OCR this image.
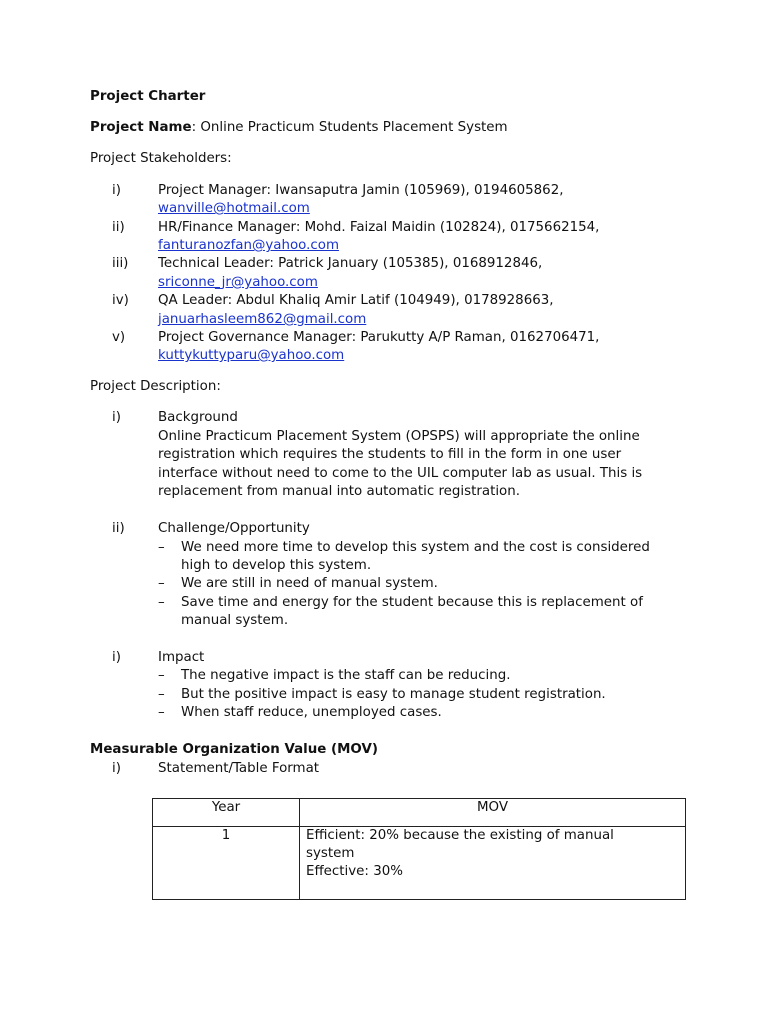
Project Charter
Project Name: Online Practicum Students Placement System
Project Stakeholders:
i)	Project Manager: Iwansaputra Jamin (105969), 0194605862,
wanville@hotmail.com
ii) HR/Finance Manager: Mohd. Faizal Maidin (102824), 0175662154,
fanturanozfan@yahoo.com
iii) Technical Leader: Patrick January (105385), 0168912846,
sriconne_jr@yahoo.com
iv) QA Leader: Abdul Khaliq Amir Latif (104949), 0178928663,
januarhasleem862@gmail.com
v) Project Governance Manager: Parukutty A/P Raman, 0162706471,
kuttykuttyparu@yahoo.com
Project Description:
i)	Background
Online Practicum Placement System (OPSPS) will appropriate the online
registration which requires the students to fill in the form in one user
interface without need to come to the UIL computer lab as usual. This is
replacement from manual into automatic registration.
ii) Challenge/Opportunity
– We need more time to develop this system and the cost is considered
high to develop this system.
– We are still in need of manual system.
– Save time and energy for the student because this is replacement of
manual system.
i)	Impact
– The negative impact is the staff can be reducing.
– But the positive impact is easy to manage student registration.
– When staff reduce, unemployed cases.
Measurable Organization Value (MOV)
i)	Statement/Table Format
Year	MOV
1	Efficient: 20% because the existing of manual
system
Effective: 30%
